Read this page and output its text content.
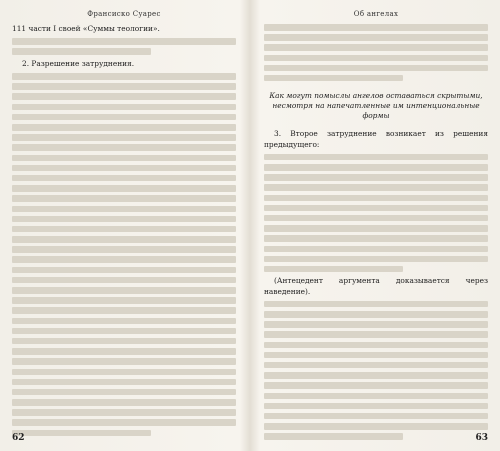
Франсиско Суарес

111 части I своей «Суммы теологии».

2. Разрешение затруднения.

62
Об ангелах
Как могут помыслы ангелов оставаться скрытыми, несмотря на напечатленные им интенциональные формы

3. Второе затруднение возникает из решения предыдущего:

(Антецедент аргумента доказывается через наведение).

63
